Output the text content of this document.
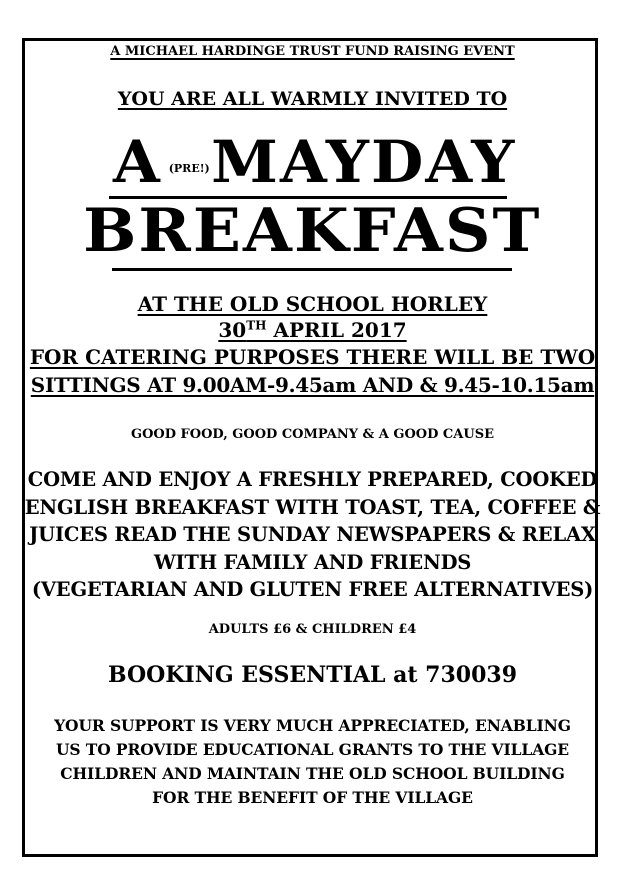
A MICHAEL HARDINGE TRUST FUND RAISING EVENT
YOU ARE ALL WARMLY INVITED TO
A $^{(PRE!)}$ MAYDAY
BREAKFAST
AT THE OLD SCHOOL HORLEY
30TH APRIL 2017
FOR CATERING PURPOSES THERE WILL BE TWO
SITTINGS AT 9.00AM-9.45am AND & 9.45-10.15am
GOOD FOOD, GOOD COMPANY & A GOOD CAUSE
COME AND ENJOY A FRESHLY PREPARED, COOKED
ENGLISH BREAKFAST WITH TOAST, TEA, COFFEE &
JUICES READ THE SUNDAY NEWSPAPERS & RELAX
WITH FAMILY AND FRIENDS
(VEGETARIAN AND GLUTEN FREE ALTERNATIVES)
ADULTS £6 & CHILDREN £4
BOOKING ESSENTIAL at 730039
YOUR SUPPORT IS VERY MUCH APPRECIATED, ENABLING
US TO PROVIDE EDUCATIONAL GRANTS TO THE VILLAGE
CHILDREN AND MAINTAIN THE OLD SCHOOL BUILDING
FOR THE BENEFIT OF THE VILLAGE
